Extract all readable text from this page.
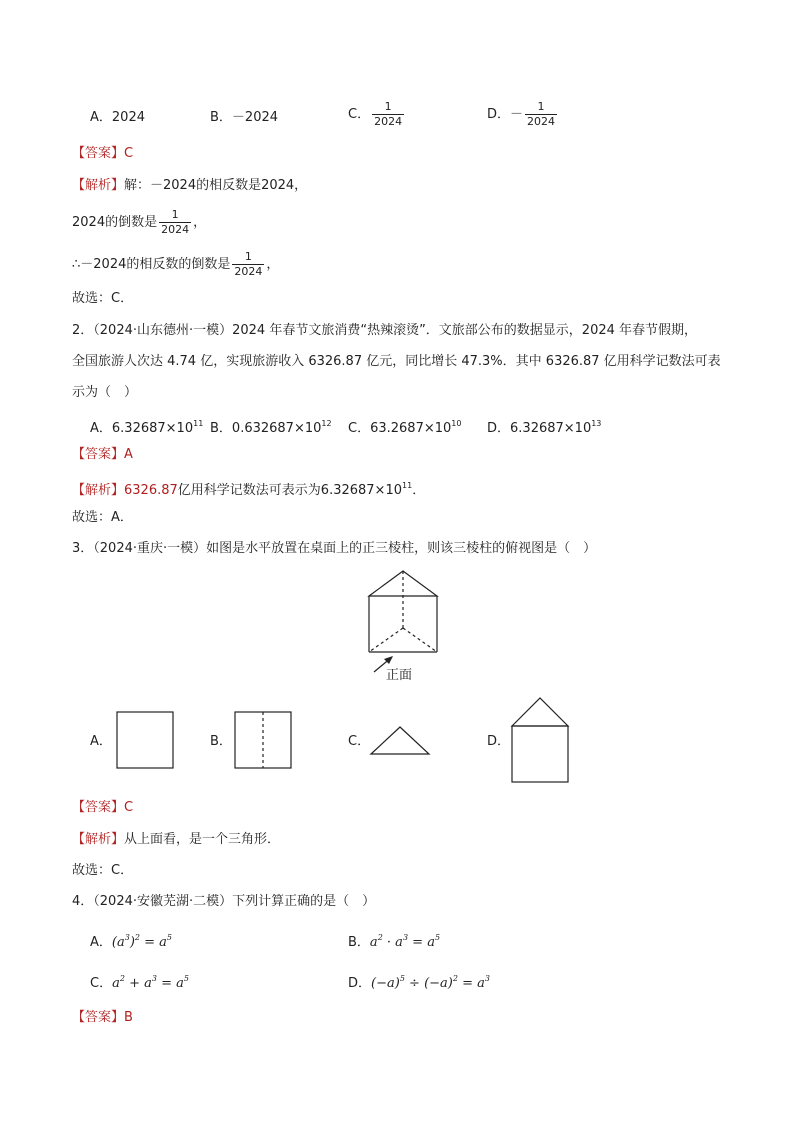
A．2024	B．－2024	C． $\frac{1}{2024}$	D．－ $\frac{1}{2024}$
【答案】C
【解析】解：－2024的相反数是2024，
2024的倒数是 $\frac{1}{2024}$ ，
∴－2024的相反数的倒数是 $\frac{1}{2024}$ ，
故选：C．
2．（2024·山东德州·一模）2024 年春节文旅消费“热辣滚烫”．文旅部公布的数据显示，2024 年春节假期，
全国旅游人次达 4.74 亿，实现旅游收入 6326.87 亿元，同比增长 47.3%．其中 6326.87 亿用科学记数法可表
示为（　）
A．$6.32687\times 10^{11}$ B．$0.632687\times 10^{12}$ C．$63.2687\times 10^{10}$ D．$6.32687\times 10^{13}$
【答案】A
【解析】6326.87亿用科学记数法可表示为$6.32687\times 10^{11}$．
故选：A．
3．（2024·重庆·一模）如图是水平放置在桌面上的正三棱柱，则该三棱柱的俯视图是（　）
正面
A．	B．	C．	D．
【答案】C
【解析】从上面看，是一个三角形．
故选：C．
4．（2024·安徽芜湖·二模）下列计算正确的是（　）
A．$(a^3)^2 = a^5$	B．$a^2 \cdot a^3 = a^5$
C．$a^2 + a^3 = a^5$	D．$(-a)^5 \div (-a)^2 = a^3$
【答案】B
